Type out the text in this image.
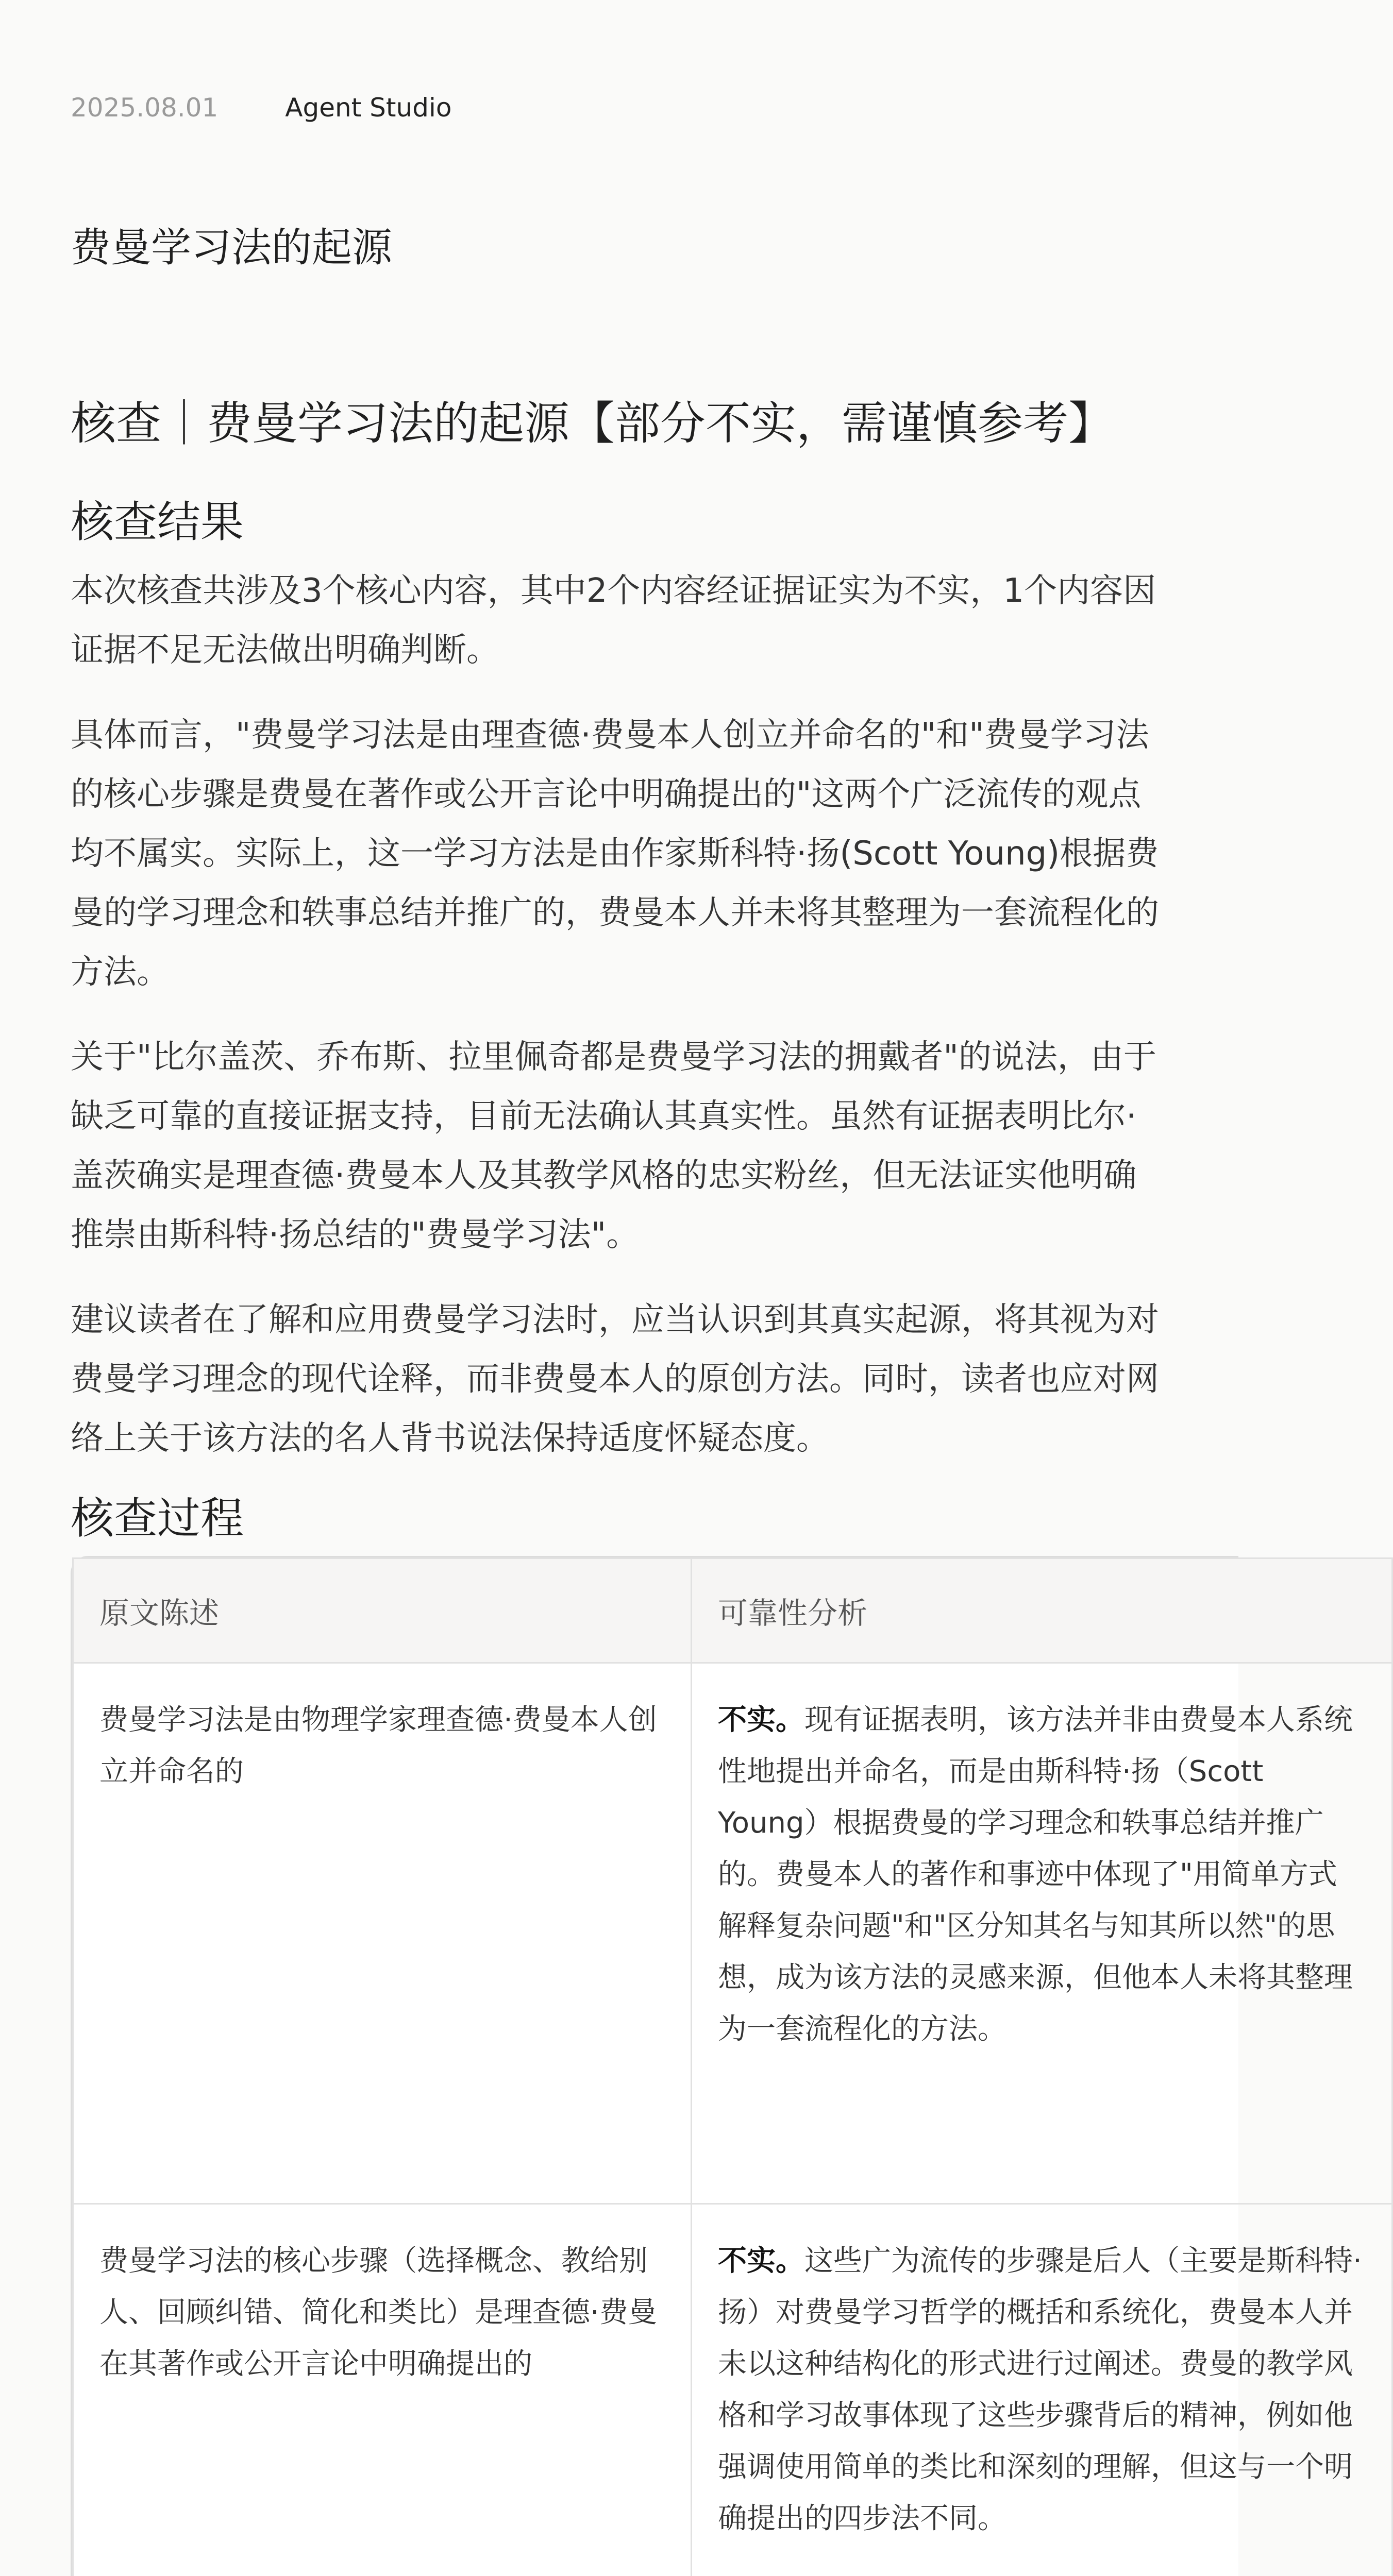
2025.08.01	Agent Studio
费曼学习法的起源
核查｜费曼学习法的起源【部分不实，需谨慎参考】
核查结果

本次核查共涉及3个核心内容，其中2个内容经证据证实为不实，1个内容因证据不足无法做出明确判断。

具体而言，"费曼学习法是由理查德·费曼本人创立并命名的"和"费曼学习法的核心步骤是费曼在著作或公开言论中明确提出的"这两个广泛流传的观点均不属实。实际上，这一学习方法是由作家斯科特·扬(Scott Young)根据费曼的学习理念和轶事总结并推广的，费曼本人并未将其整理为一套流程化的方法。

关于"比尔盖茨、乔布斯、拉里佩奇都是费曼学习法的拥戴者"的说法，由于缺乏可靠的直接证据支持，目前无法确认其真实性。虽然有证据表明比尔·盖茨确实是理查德·费曼本人及其教学风格的忠实粉丝，但无法证实他明确推崇由斯科特·扬总结的"费曼学习法"。

建议读者在了解和应用费曼学习法时，应当认识到其真实起源，将其视为对费曼学习理念的现代诠释，而非费曼本人的原创方法。同时，读者也应对网络上关于该方法的名人背书说法保持适度怀疑态度。

核查过程
原文陈述	可靠性分析
费曼学习法是由物理学家理查德·费曼本人创立并命名的	不实。现有证据表明，该方法并非由费曼本人系统性地提出并命名，而是由斯科特·扬（Scott Young）根据费曼的学习理念和轶事总结并推广的。费曼本人的著作和事迹中体现了"用简单方式解释复杂问题"和"区分知其名与知其所以然"的思想，成为该方法的灵感来源，但他本人未将其整理为一套流程化的方法。
费曼学习法的核心步骤（选择概念、教给别人、回顾纠错、简化和类比）是理查德·费曼在其著作或公开言论中明确提出的	不实。这些广为流传的步骤是后人（主要是斯科特·扬）对费曼学习哲学的概括和系统化，费曼本人并未以这种结构化的形式进行过阐述。费曼的教学风格和学习故事体现了这些步骤背后的精神，例如他强调使用简单的类比和深刻的理解，但这与一个明确提出的四步法不同。
